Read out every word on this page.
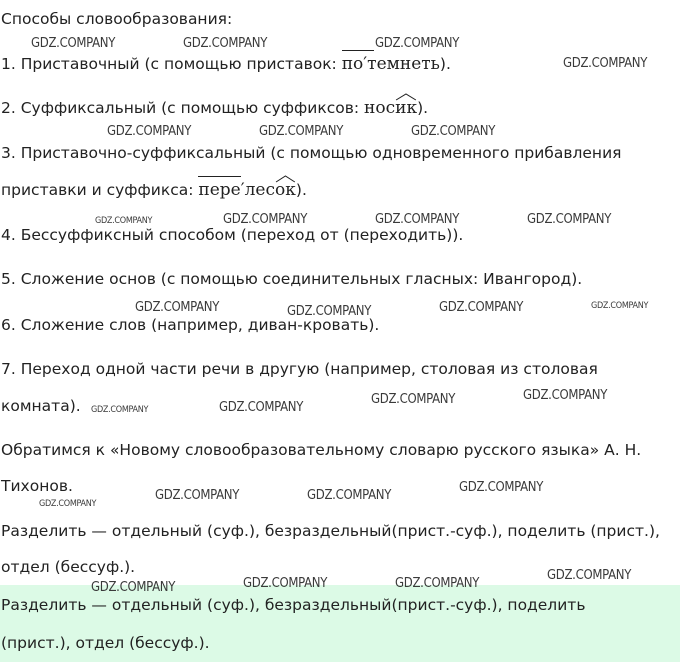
Способы словообразования:
1. Приставочный (с помощью приставок:
по′темнеть).
2. Суффиксальный (с помощью суффиксов: нос
ик).
3. Приставочно-суффиксальный (с помощью одновременного прибавления
приставки и суффикса:
пере′лес
ок).
4. Бессуффиксный способом (переход от (переходить)).
5. Сложение основ (с помощью соединительных гласных: Ивангород).
6. Сложение слов (например, диван-кровать).
7. Переход одной части речи в другую (например, столовая из столовая
комната).
Обратимся к «Новому словообразовательному словарю русского языка» А. Н.
Тихонов.
Разделить — отдельный (суф.), безраздельный(прист.-суф.), поделить (прист.),
отдел (бессуф.).
Разделить — отдельный (суф.), безраздельный(прист.-суф.), поделить
(прист.), отдел (бессуф.).
GDZ.COMPANY	GDZ.COMPANY	GDZ.COMPANY
GDZ.COMPANY
GDZ.COMPANY	GDZ.COMPANY	GDZ.COMPANY
GDZ.COMPANY	GDZ.COMPANY	GDZ.COMPANY	GDZ.COMPANY
GDZ.COMPANY	GDZ.COMPANY	GDZ.COMPANY	GDZ.COMPANY
GDZ.COMPANY	GDZ.COMPANY
GDZ.COMPANY	GDZ.COMPANY
GDZ.COMPANY
GDZ.COMPANY	GDZ.COMPANY
GDZ.COMPANY
GDZ.COMPANY	GDZ.COMPANY	GDZ.COMPANY
GDZ.COMPANY
